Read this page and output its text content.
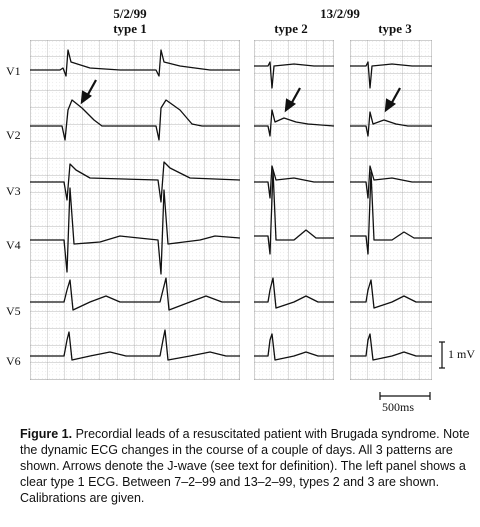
5/2/99
type 1
13/2/99
type 2	type 3
V1
V2
V3
V4
V5
V6	1 mV
500ms
Figure 1. Precordial leads of a resuscitated patient with Brugada syndrome. Note the dynamic ECG changes in the course of a couple of days. All 3 patterns are shown. Arrows denote the J-wave (see text for definition). The left panel shows a clear type 1 ECG. Between 7–2–99 and 13–2–99, types 2 and 3 are shown. Calibrations are given.
